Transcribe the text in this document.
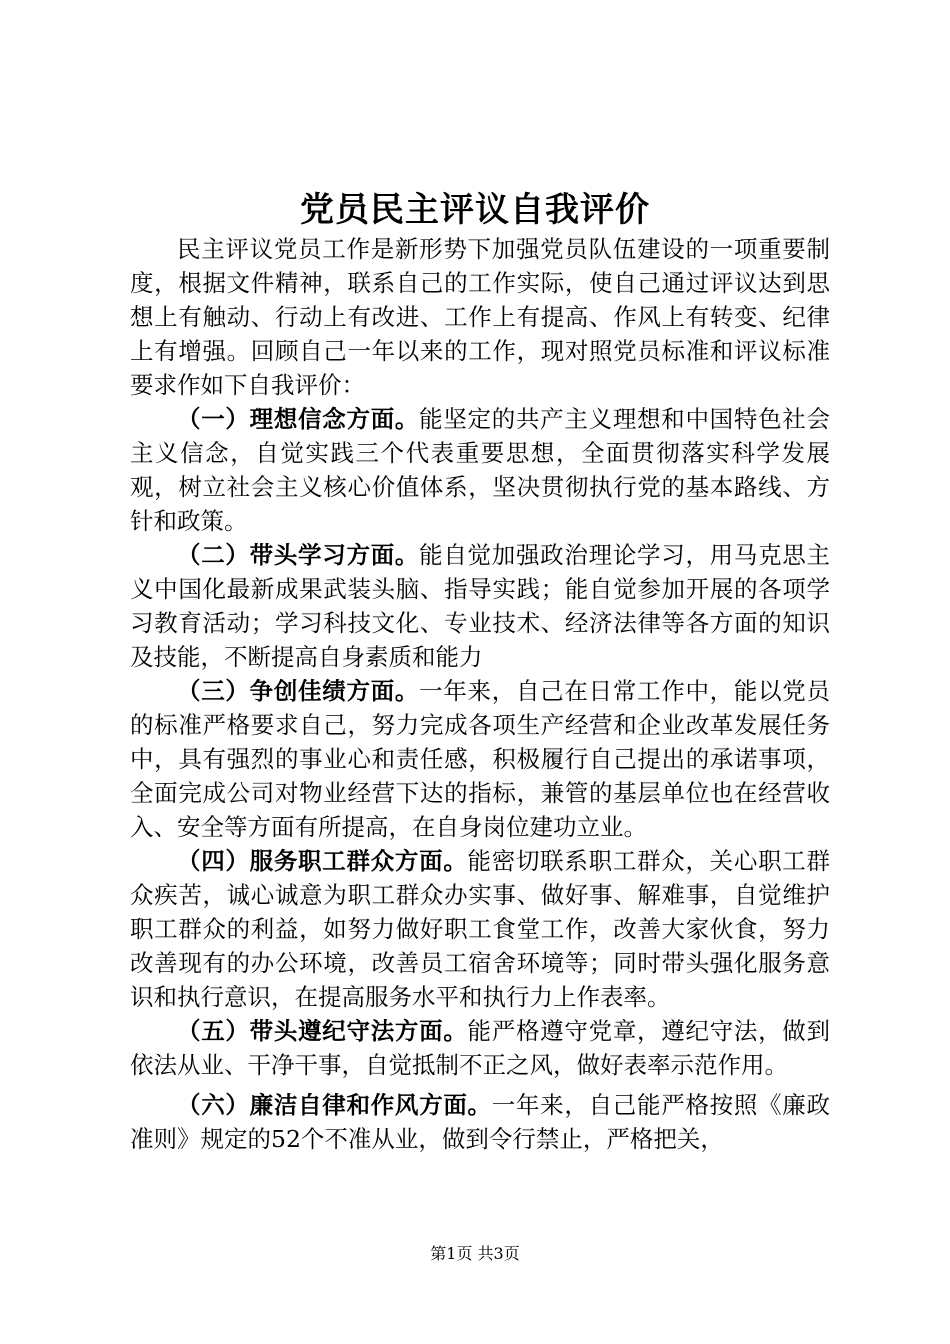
党员民主评议自我评价

民主评议党员工作是新形势下加强党员队伍建设的一项重要制度，根据文件精神，联系自己的工作实际，使自己通过评议达到思想上有触动、行动上有改进、工作上有提高、作风上有转变、纪律上有增强。回顾自己一年以来的工作，现对照党员标准和评议标准要求作如下自我评价：

（一）理想信念方面。能坚定的共产主义理想和中国特色社会主义信念，自觉实践三个代表重要思想，全面贯彻落实科学发展观，树立社会主义核心价值体系，坚决贯彻执行党的基本路线、方针和政策。

（二）带头学习方面。能自觉加强政治理论学习，用马克思主义中国化最新成果武装头脑、指导实践；能自觉参加开展的各项学习教育活动；学习科技文化、专业技术、经济法律等各方面的知识及技能，不断提高自身素质和能力

（三）争创佳绩方面。一年来，自己在日常工作中，能以党员的标准严格要求自己，努力完成各项生产经营和企业改革发展任务中，具有强烈的事业心和责任感，积极履行自己提出的承诺事项，全面完成公司对物业经营下达的指标，兼管的基层单位也在经营收入、安全等方面有所提高，在自身岗位建功立业。

（四）服务职工群众方面。能密切联系职工群众，关心职工群众疾苦，诚心诚意为职工群众办实事、做好事、解难事，自觉维护职工群众的利益，如努力做好职工食堂工作，改善大家伙食，努力改善现有的办公环境，改善员工宿舍环境等；同时带头强化服务意识和执行意识，在提高服务水平和执行力上作表率。

（五）带头遵纪守法方面。能严格遵守党章，遵纪守法，做到依法从业、干净干事，自觉抵制不正之风，做好表率示范作用。

（六）廉洁自律和作风方面。一年来，自己能严格按照《廉政准则》规定的52个不准从业，做到令行禁止，严格把关，

第1页 共3页
